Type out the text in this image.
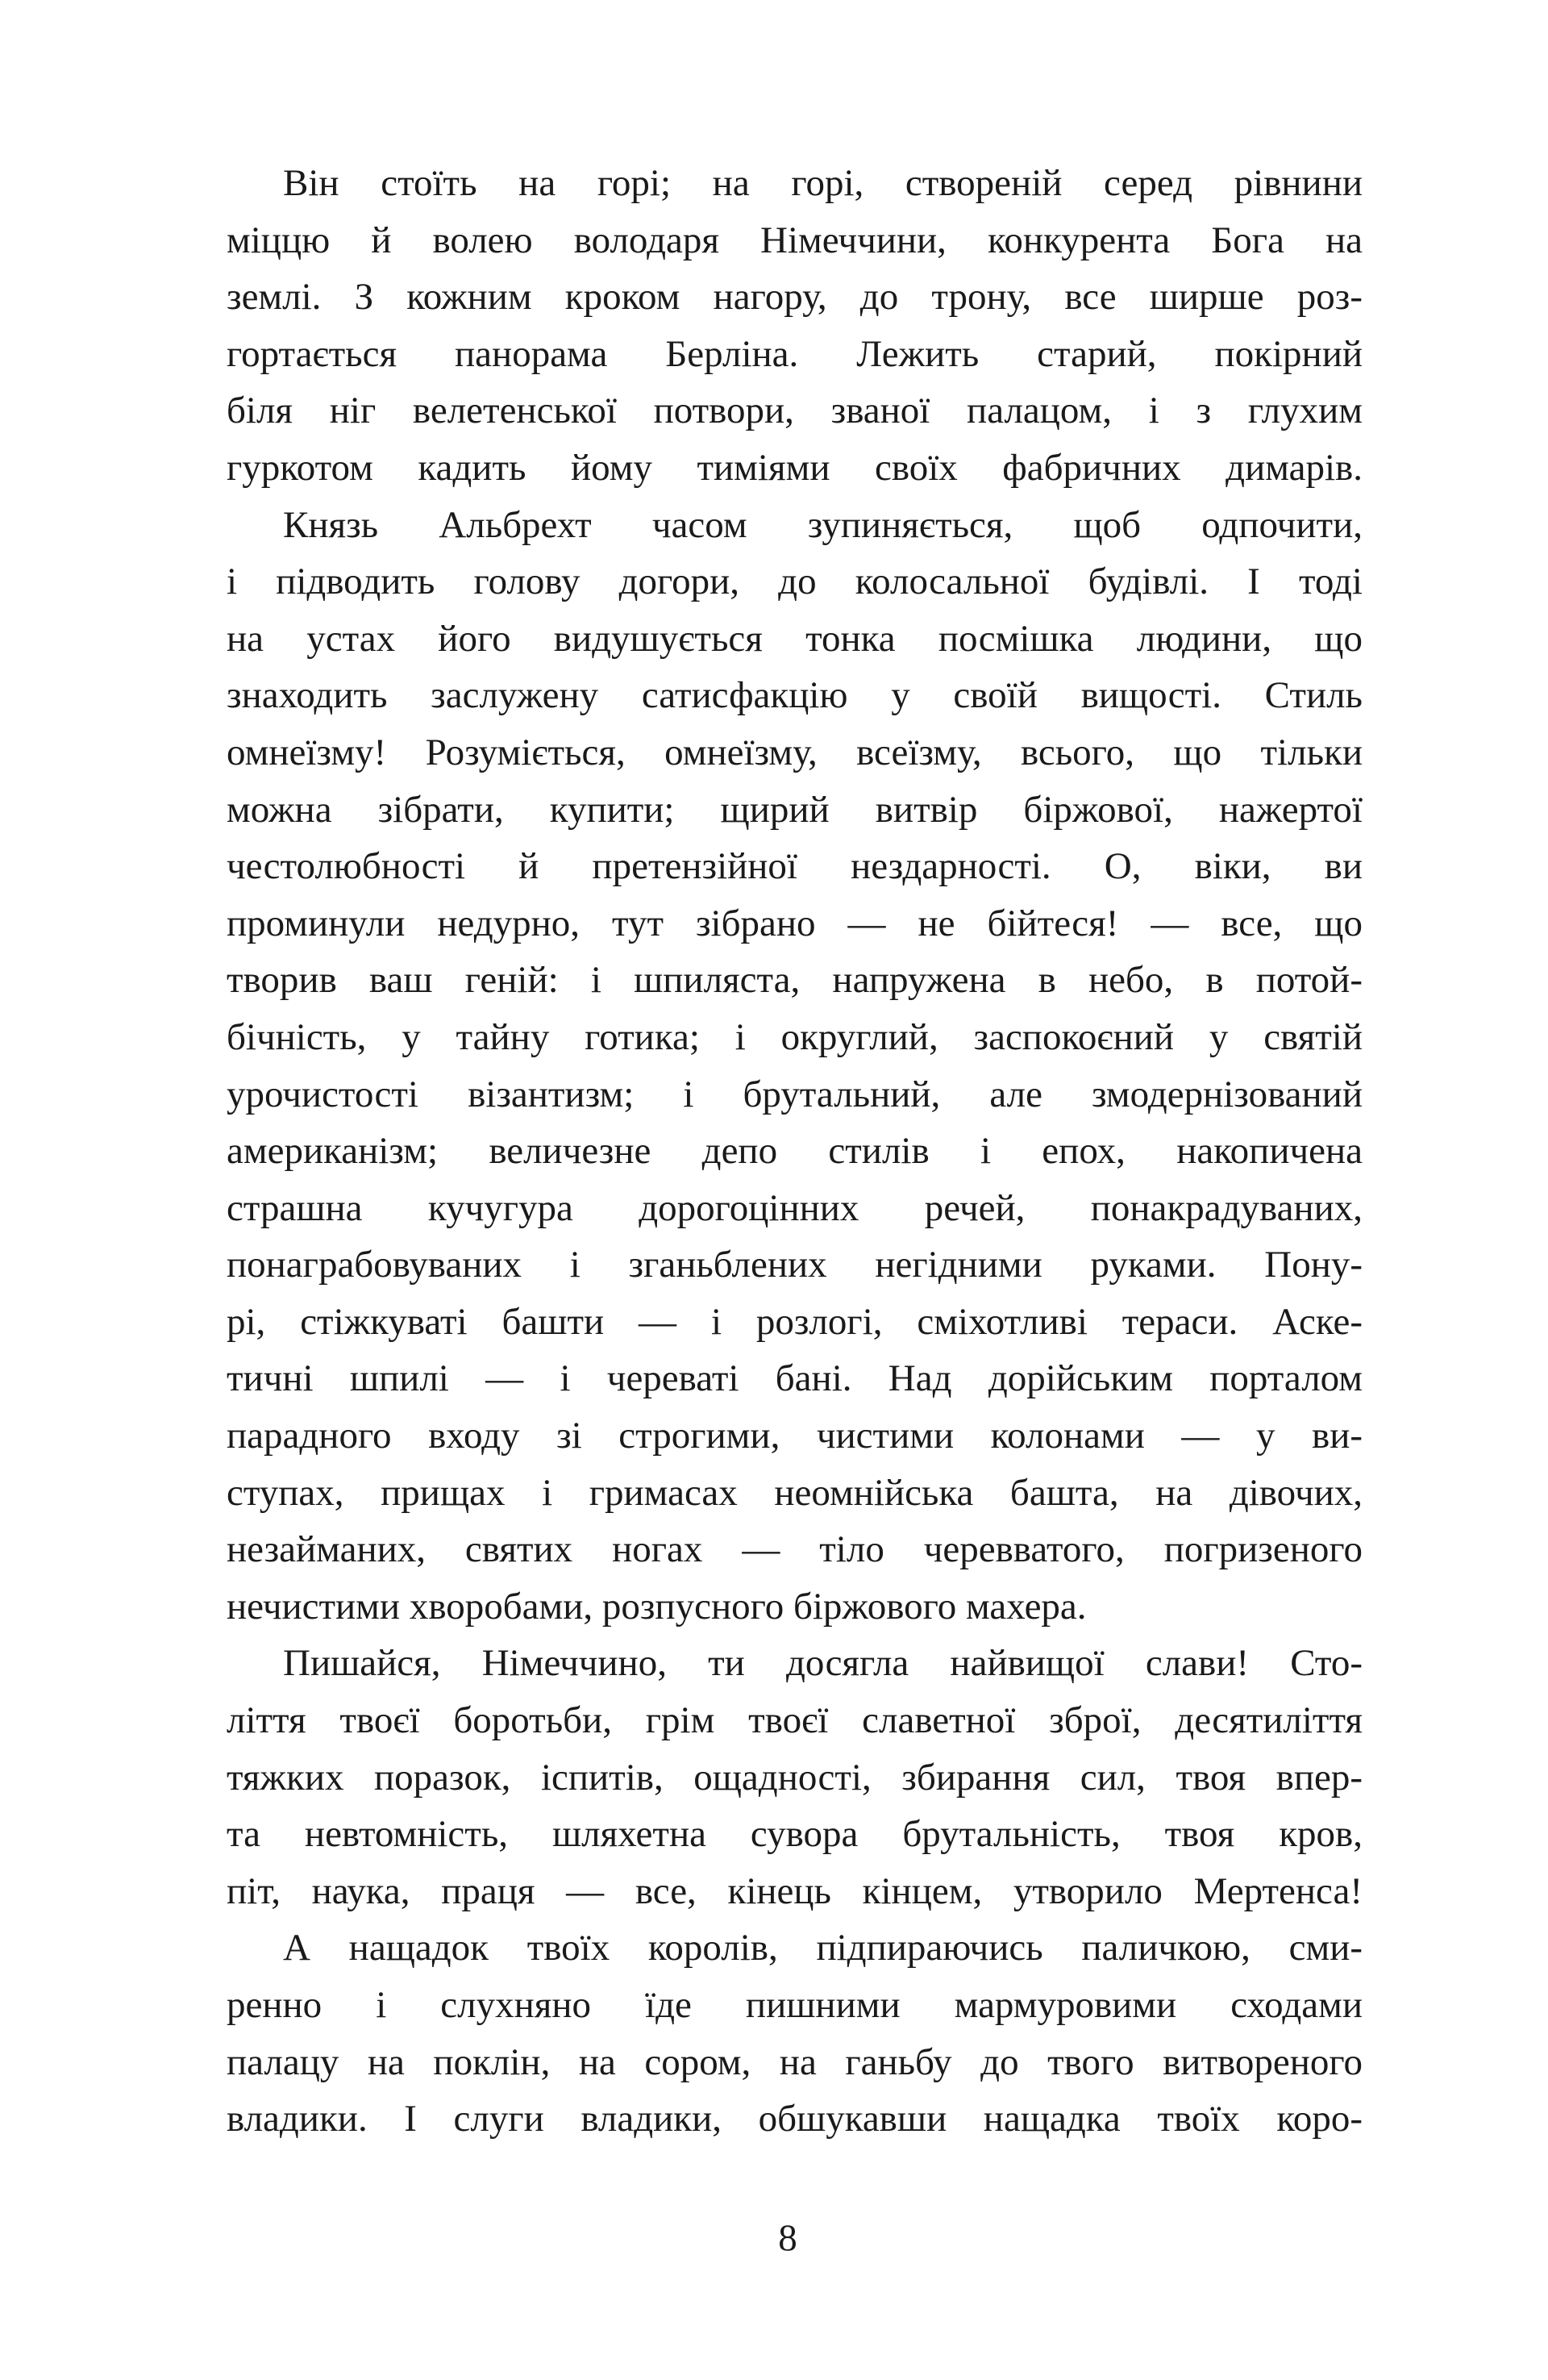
Він стоїть на горі; на горі, створеній серед рівнини
міццю й волею володаря Німеччини, конкурента Бога на
землі. З кожним кроком нагору, до трону, все ширше роз-
гортається панорама Берліна. Лежить старий, покірний
біля ніг велетенської потвори, званої палацом, і з глухим
гуркотом кадить йому тиміями своїх фабричних димарів.
Князь Альбрехт часом зупиняється, щоб одпочити,
і підводить голову догори, до колосальної будівлі. І тоді
на устах його видушується тонка посмішка людини, що
знаходить заслужену сатисфакцію у своїй вищості. Стиль
омнеїзму! Розуміється, омнеїзму, всеїзму, всього, що тільки
можна зібрати, купити; щирий витвір біржової, нажертої
честолюбності й претензійної нездарності. О, віки, ви
проминули недурно, тут зібрано — не бійтеся! — все, що
творив ваш геній: і шпиляста, напружена в небо, в потой-
бічність, у тайну готика; і округлий, заспокоєний у святій
урочистості візантизм; і брутальний, але змодернізований
американізм; величезне депо стилів і епох, накопичена
страшна кучугура дорогоцінних речей, понакрадуваних,
понаграбовуваних і зганьблених негідними руками. Пону-
рі, стіжкуваті башти — і розлогі, сміхотливі тераси. Аске-
тичні шпилі — і череваті бані. Над дорійським порталом
парадного входу зі строгими, чистими колонами — у ви-
ступах, прищах і гримасах неомнійська башта, на дівочих,
незайманих, святих ногах — тіло черевватого, погризеного
нечистими хворобами, розпусного біржового махера.
Пишайся, Німеччино, ти досягла найвищої слави! Сто-
ліття твоєї боротьби, грім твоєї славетної зброї, десятиліття
тяжких поразок, іспитів, ощадності, збирання сил, твоя впер-
та невтомність, шляхетна сувора брутальність, твоя кров,
піт, наука, праця — все, кінець кінцем, утворило Мертенса!
А нащадок твоїх королів, підпираючись паличкою, сми-
ренно і слухняно їде пишними мармуровими сходами
палацу на поклін, на сором, на ганьбу до твого витвореного
владики. І слуги владики, обшукавши нащадка твоїх коро-
8
